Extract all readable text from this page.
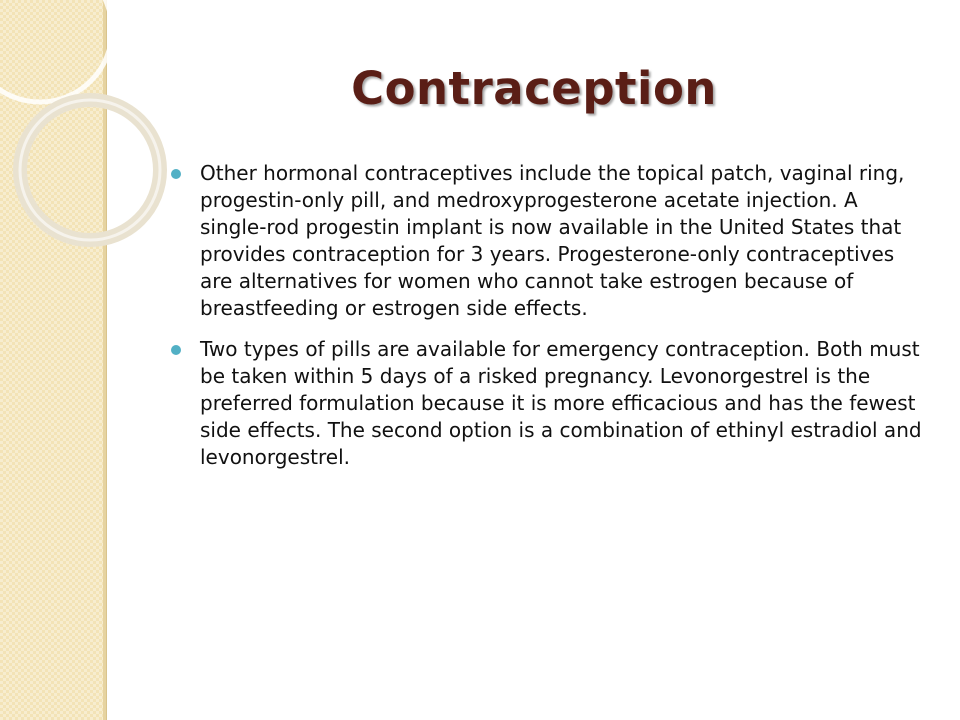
Contraception
Other hormonal contraceptives include the topical patch, vaginal ring, progestin-only pill, and medroxyprogesterone acetate injection. A single-rod progestin implant is now available in the United States that provides contraception for 3 years. Progesterone-only contraceptives are alternatives for women who cannot take estrogen because of breastfeeding or estrogen side effects.
Two types of pills are available for emergency contraception. Both must be taken within 5 days of a risked pregnancy. Levonorgestrel is the preferred formulation because it is more efficacious and has the fewest side effects. The second option is a combination of ethinyl estradiol and levonorgestrel.
